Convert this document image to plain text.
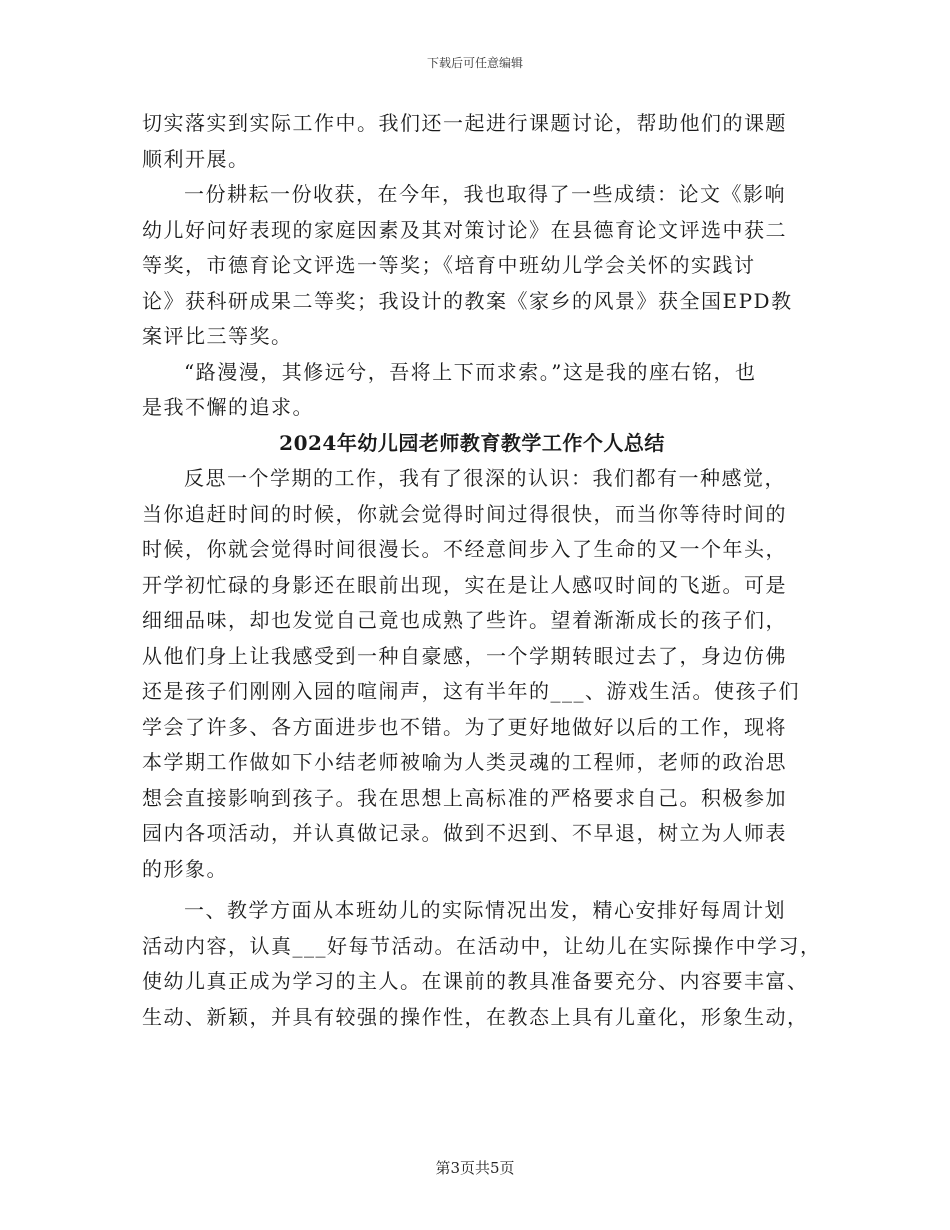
下载后可任意编辑
切实落实到实际工作中。我们还一起进行课题讨论，帮助他们的课题
顺利开展。
一份耕耘一份收获，在今年，我也取得了一些成绩：论文《影响
幼儿好问好表现的家庭因素及其对策讨论》在县德育论文评选中获二
等奖，市德育论文评选一等奖；《培育中班幼儿学会关怀的实践讨
论》获科研成果二等奖；我设计的教案《家乡的风景》获全国EPD教
案评比三等奖。
“路漫漫，其修远兮，吾将上下而求索。”这是我的座右铭，也
是我不懈的追求。
2024年幼儿园老师教育教学工作个人总结
反思一个学期的工作，我有了很深的认识：我们都有一种感觉，
当你追赶时间的时候，你就会觉得时间过得很快，而当你等待时间的
时候，你就会觉得时间很漫长。不经意间步入了生命的又一个年头，
开学初忙碌的身影还在眼前出现，实在是让人感叹时间的飞逝。可是
细细品味，却也发觉自己竟也成熟了些许。望着渐渐成长的孩子们，
从他们身上让我感受到一种自豪感，一个学期转眼过去了，身边仿佛
还是孩子们刚刚入园的喧闹声，这有半年的___、游戏生活。使孩子们
学会了许多、各方面进步也不错。为了更好地做好以后的工作，现将
本学期工作做如下小结老师被喻为人类灵魂的工程师，老师的政治思
想会直接影响到孩子。我在思想上高标准的严格要求自己。积极参加
园内各项活动，并认真做记录。做到不迟到、不早退，树立为人师表
的形象。
一、教学方面从本班幼儿的实际情况出发，精心安排好每周计划
活动内容，认真___好每节活动。在活动中，让幼儿在实际操作中学习，
使幼儿真正成为学习的主人。在课前的教具准备要充分、内容要丰富、
生动、新颖，并具有较强的操作性，在教态上具有儿童化，形象生动，
第3页共5页
